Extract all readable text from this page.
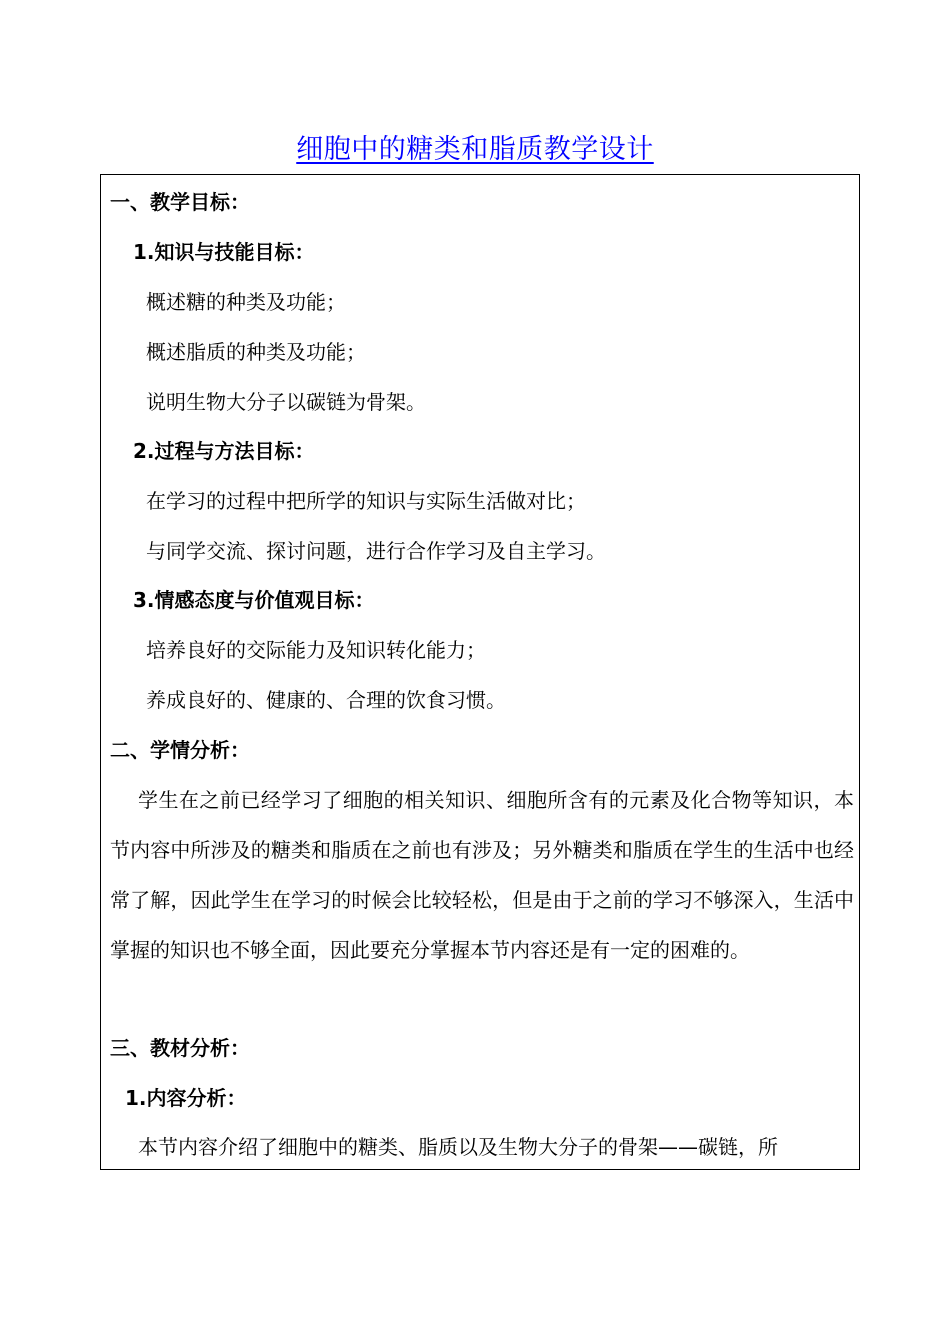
细胞中的糖类和脂质教学设计
一、教学目标：
1.知识与技能目标：
概述糖的种类及功能；
概述脂质的种类及功能；
说明生物大分子以碳链为骨架。
2.过程与方法目标：
在学习的过程中把所学的知识与实际生活做对比；
与同学交流、探讨问题，进行合作学习及自主学习。
3.情感态度与价值观目标：
培养良好的交际能力及知识转化能力；
养成良好的、健康的、合理的饮食习惯。
二、学情分析：
学生在之前已经学习了细胞的相关知识、细胞所含有的元素及化合物等知识，本节内容中所涉及的糖类和脂质在之前也有涉及；另外糖类和脂质在学生的生活中也经常了解，因此学生在学习的时候会比较轻松，但是由于之前的学习不够深入，生活中掌握的知识也不够全面，因此要充分掌握本节内容还是有一定的困难的。
三、教材分析：
1.内容分析：
本节内容介绍了细胞中的糖类、脂质以及生物大分子的骨架——碳链，所
